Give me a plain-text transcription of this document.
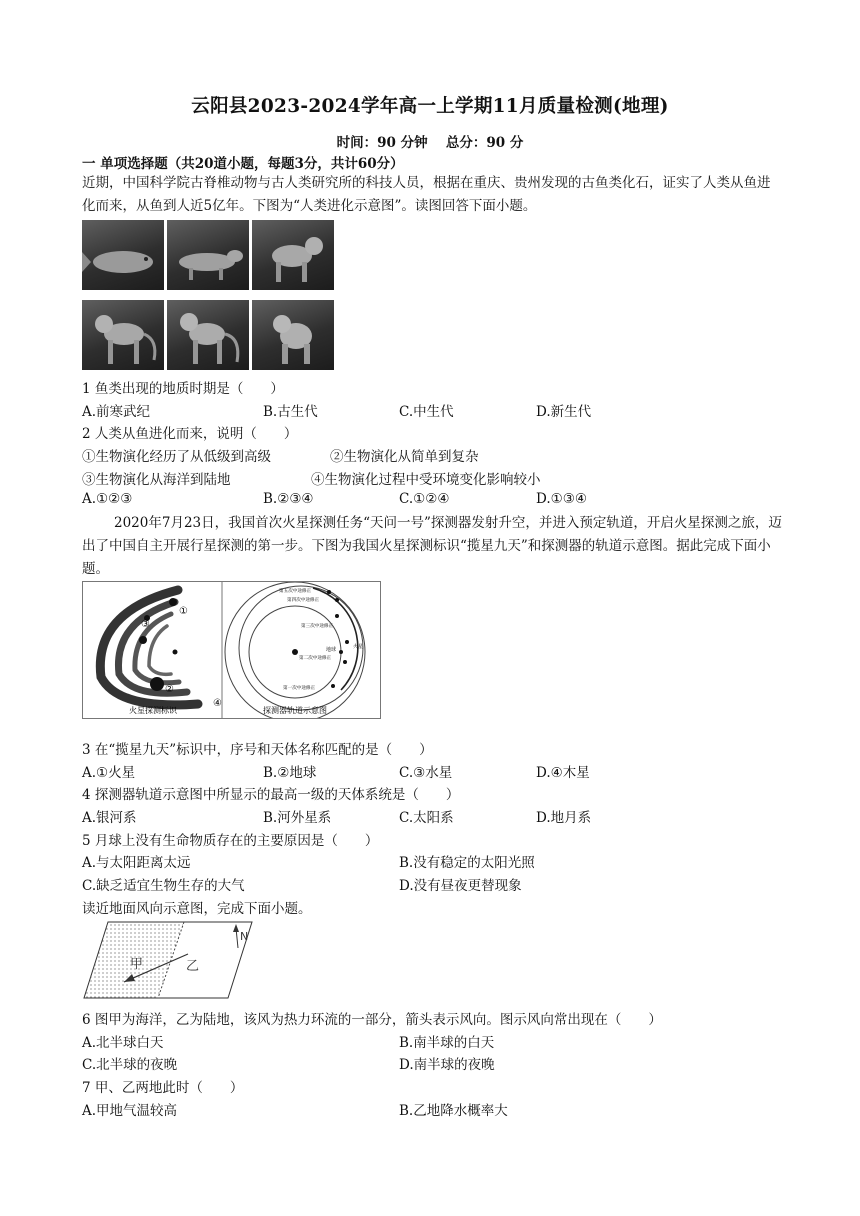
云阳县2023-2024学年高一上学期11月质量检测(地理)
时间：90 分钟　 总分：90 分
一 单项选择题（共20道小题，每题3分，共计60分）
近期，中国科学院古脊椎动物与古人类研究所的科技人员，根据在重庆、贵州发现的古鱼类化石，证实了人类从鱼进化而来，从鱼到人近5亿年。下图为“人类进化示意图”。读图回答下面小题。
1 鱼类出现的地质时期是（　　）
A.前寒武纪	B.古生代	C.中生代	D.新生代
2 人类从鱼进化而来，说明（　　）
①生物演化经历了从低级到高级	②生物演化从简单到复杂
③生物演化从海洋到陆地	④生物演化过程中受环境变化影响较小
A.①②③	B.②③④	C.①②④	D.①③④
2020年7月23日，我国首次火星探测任务“天问一号”探测器发射升空，并进入预定轨道，开启火星探测之旅，迈出了中国自主开展行星探测的第一步。下图为我国火星探测标识“揽星九天”和探测器的轨道示意图。据此完成下面小题。
①
③
②
④
第五次中途修正
第四次中途修正
第三次中途修正
地球
第二次中途修正
火星
第一次中途修正
火星探测标识	探测器轨道示意图
3 在“揽星九天”标识中，序号和天体名称匹配的是（　　）
A.①火星	B.②地球	C.③水星	D.④木星
4 探测器轨道示意图中所显示的最高一级的天体系统是（　　）
A.银河系	B.河外星系	C.太阳系	D.地月系
5 月球上没有生命物质存在的主要原因是（　　）
A.与太阳距离太远	B.没有稳定的太阳光照
C.缺乏适宜生物生存的大气	D.没有昼夜更替现象
读近地面风向示意图，完成下面小题。
甲	乙
N
6 图甲为海洋，乙为陆地，该风为热力环流的一部分，箭头表示风向。图示风向常出现在（　　）
A.北半球白天	B.南半球的白天
C.北半球的夜晚	D.南半球的夜晚
7 甲、乙两地此时（　　）
A.甲地气温较高	B.乙地降水概率大
